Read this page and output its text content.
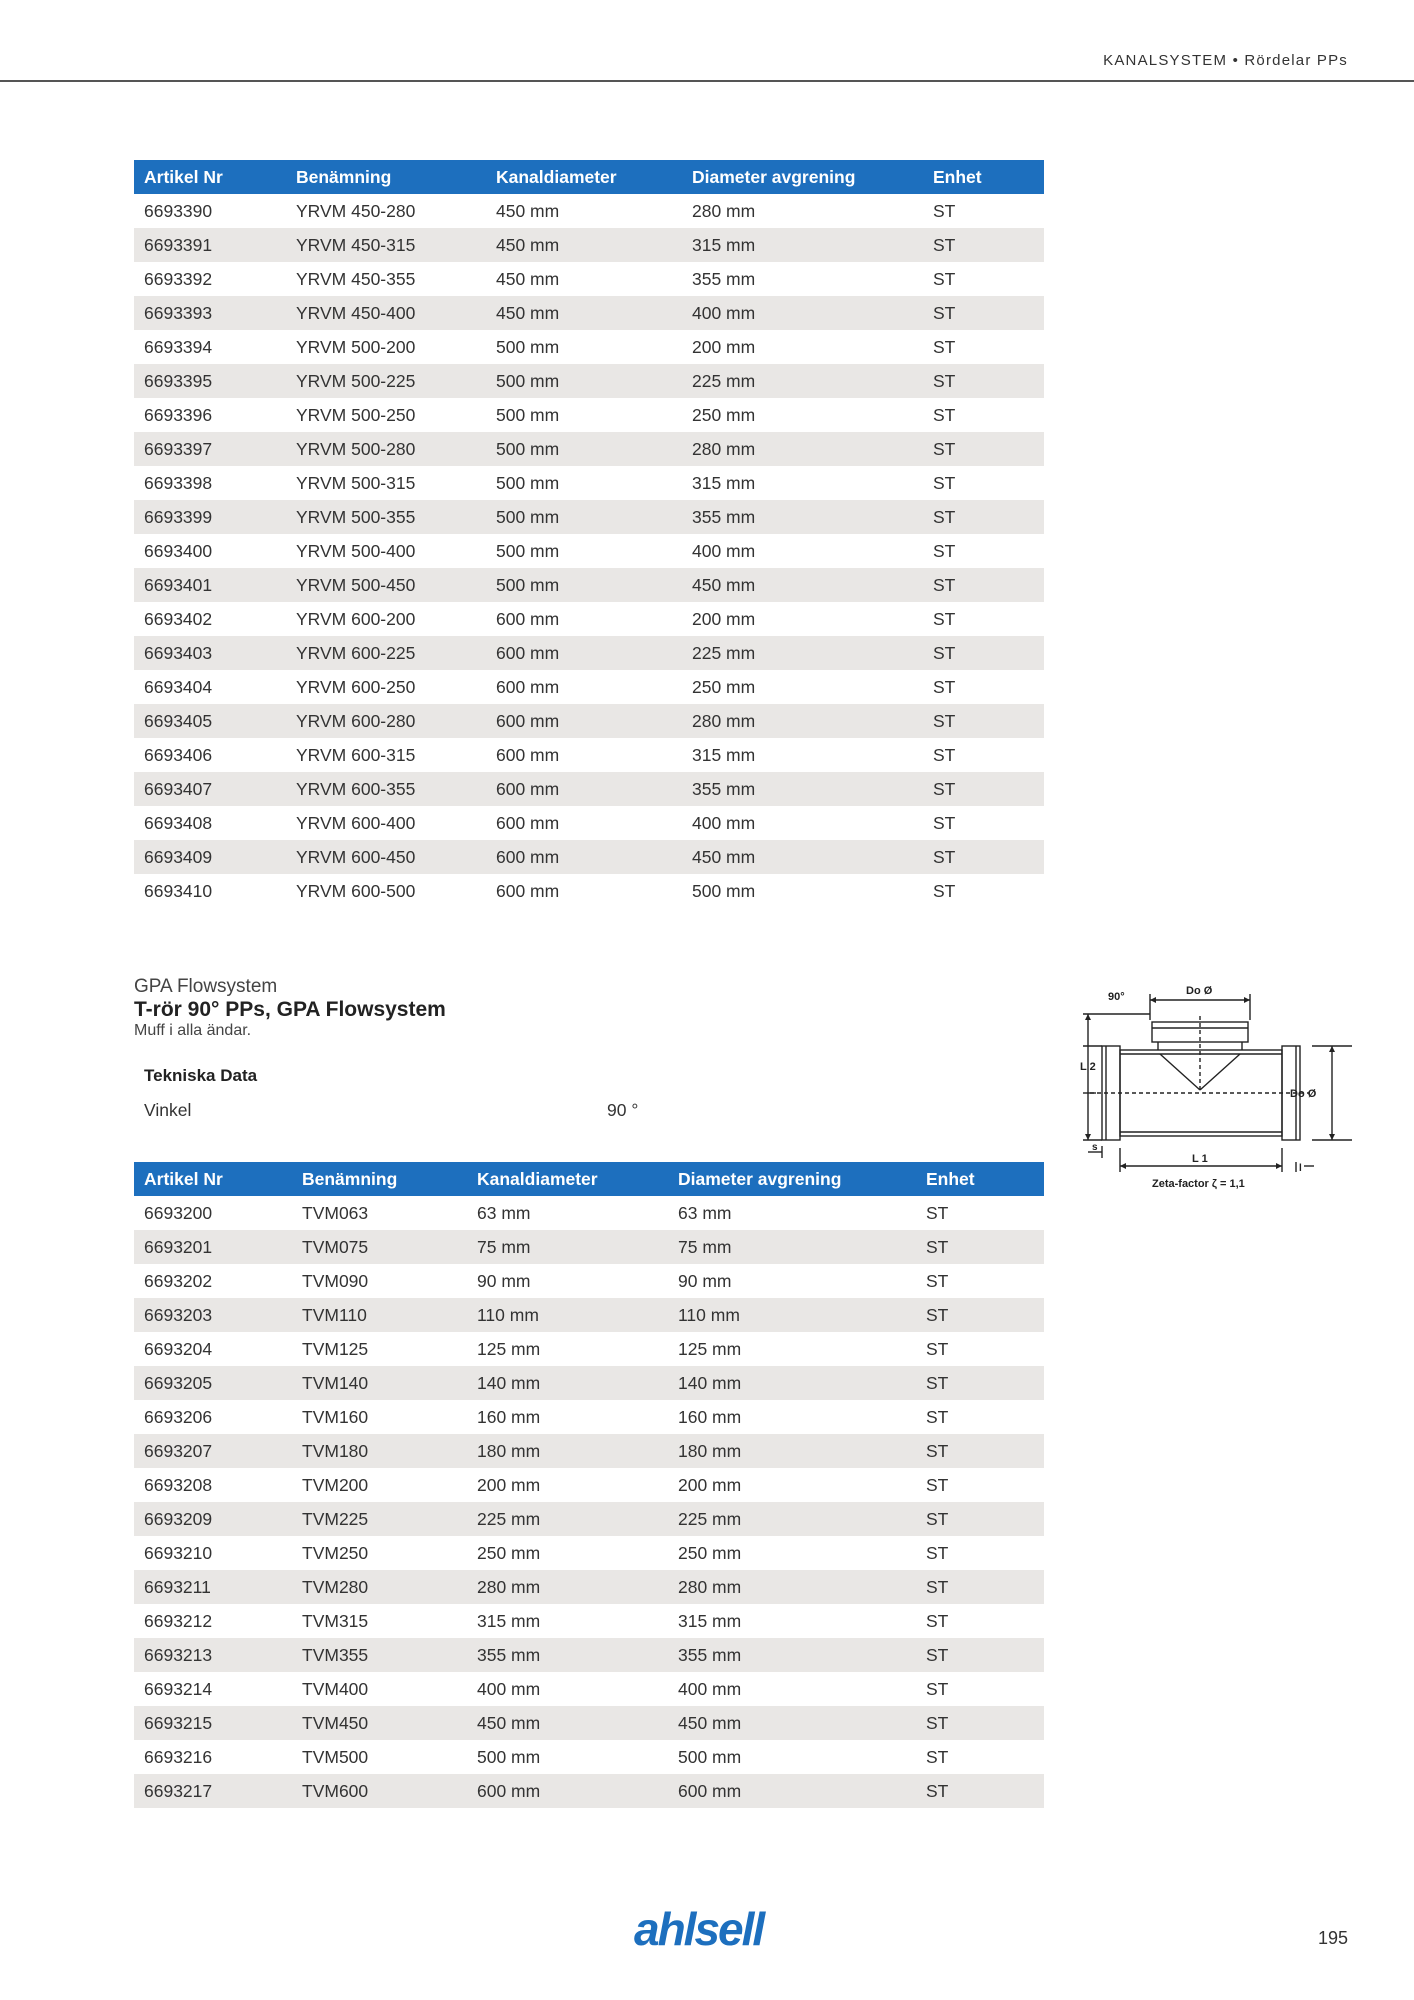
KANALSYSTEM • Rördelar PPs
Artikel Nr	Benämning	Kanaldiameter	Diameter avgrening	Enhet
6693390	YRVM 450-280	450 mm	280 mm	ST
6693391	YRVM 450-315	450 mm	315 mm	ST
6693392	YRVM 450-355	450 mm	355 mm	ST
6693393	YRVM 450-400	450 mm	400 mm	ST
6693394	YRVM 500-200	500 mm	200 mm	ST
6693395	YRVM 500-225	500 mm	225 mm	ST
6693396	YRVM 500-250	500 mm	250 mm	ST
6693397	YRVM 500-280	500 mm	280 mm	ST
6693398	YRVM 500-315	500 mm	315 mm	ST
6693399	YRVM 500-355	500 mm	355 mm	ST
6693400	YRVM 500-400	500 mm	400 mm	ST
6693401	YRVM 500-450	500 mm	450 mm	ST
6693402	YRVM 600-200	600 mm	200 mm	ST
6693403	YRVM 600-225	600 mm	225 mm	ST
6693404	YRVM 600-250	600 mm	250 mm	ST
6693405	YRVM 600-280	600 mm	280 mm	ST
6693406	YRVM 600-315	600 mm	315 mm	ST
6693407	YRVM 600-355	600 mm	355 mm	ST
6693408	YRVM 600-400	600 mm	400 mm	ST
6693409	YRVM 600-450	600 mm	450 mm	ST
6693410	YRVM 600-500	600 mm	500 mm	ST
GPA Flowsystem
T-rör 90° PPs, GPA Flowsystem
Muff i alla ändar.
Tekniska Data
Vinkel	90 °
90°	Do Ø
L 2
Do Ø
L 1
s
l
Zeta-factor ζ = 1,1
Artikel Nr	Benämning	Kanaldiameter	Diameter avgrening	Enhet
6693200	TVM063	63 mm	63 mm	ST
6693201	TVM075	75 mm	75 mm	ST
6693202	TVM090	90 mm	90 mm	ST
6693203	TVM110	110 mm	110 mm	ST
6693204	TVM125	125 mm	125 mm	ST
6693205	TVM140	140 mm	140 mm	ST
6693206	TVM160	160 mm	160 mm	ST
6693207	TVM180	180 mm	180 mm	ST
6693208	TVM200	200 mm	200 mm	ST
6693209	TVM225	225 mm	225 mm	ST
6693210	TVM250	250 mm	250 mm	ST
6693211	TVM280	280 mm	280 mm	ST
6693212	TVM315	315 mm	315 mm	ST
6693213	TVM355	355 mm	355 mm	ST
6693214	TVM400	400 mm	400 mm	ST
6693215	TVM450	450 mm	450 mm	ST
6693216	TVM500	500 mm	500 mm	ST
6693217	TVM600	600 mm	600 mm	ST
ahlsell	195
